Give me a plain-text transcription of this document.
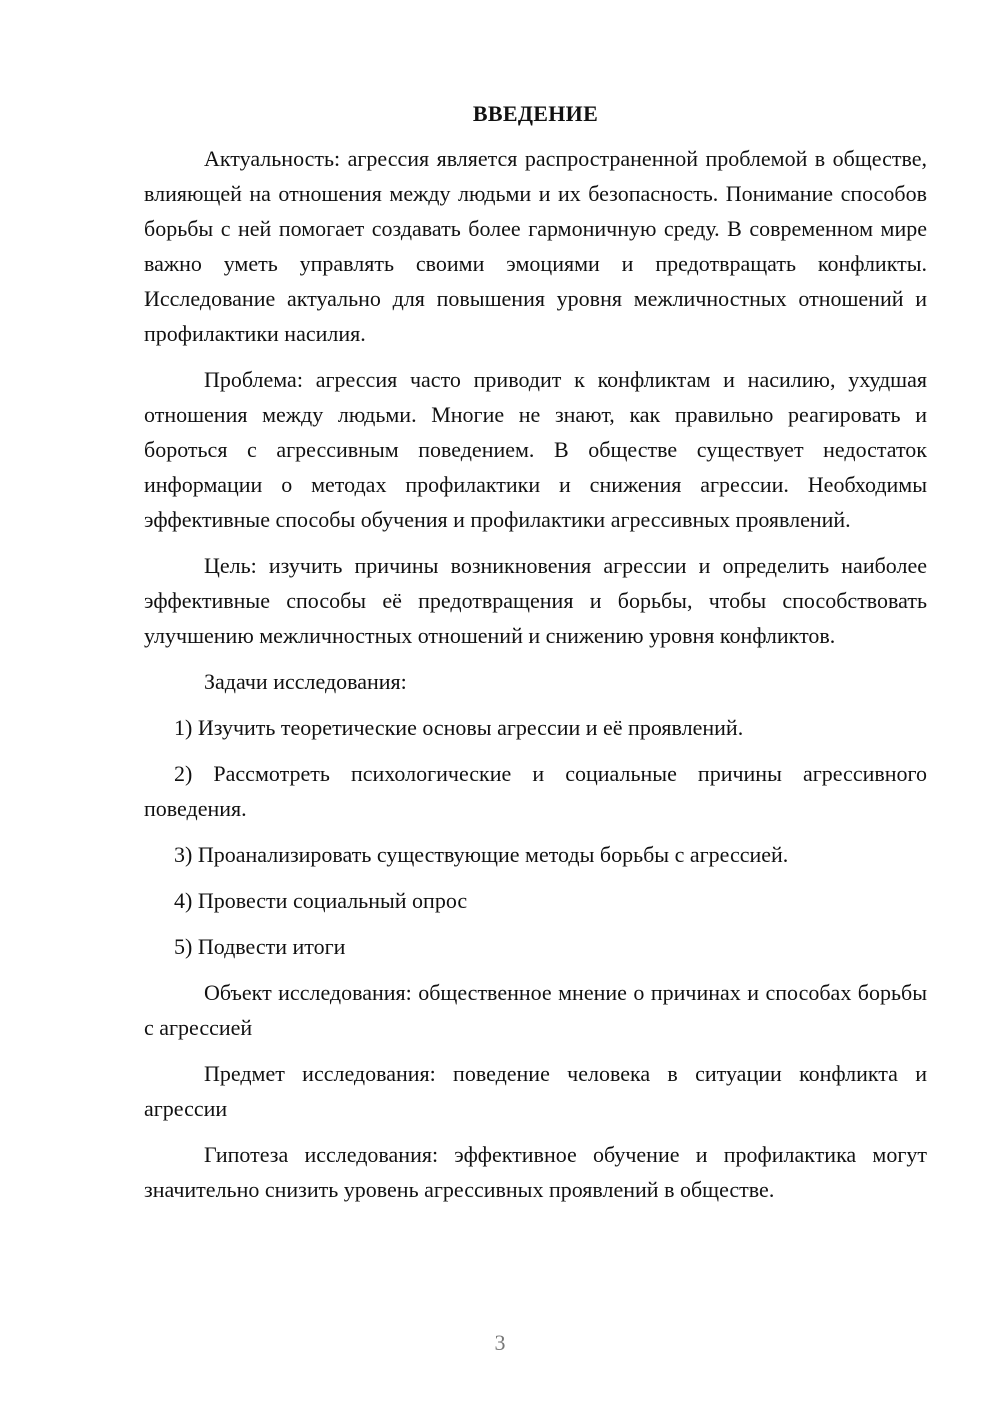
ВВЕДЕНИЕ

Актуальность: агрессия является распространенной проблемой в обществе, влияющей на отношения между людьми и их безопасность. Понимание способов борьбы с ней помогает создавать более гармоничную среду. В современном мире важно уметь управлять своими эмоциями и предотвращать конфликты. Исследование актуально для повышения уровня межличностных отношений и профилактики насилия.

Проблема: агрессия часто приводит к конфликтам и насилию, ухудшая отношения между людьми. Многие не знают, как правильно реагировать и бороться с агрессивным поведением. В обществе существует недостаток информации о методах профилактики и снижения агрессии. Необходимы эффективные способы обучения и профилактики агрессивных проявлений.

Цель: изучить причины возникновения агрессии и определить наиболее эффективные способы её предотвращения и борьбы, чтобы способствовать улучшению межличностных отношений и снижению уровня конфликтов.

Задачи исследования:

1) Изучить теоретические основы агрессии и её проявлений.

2) Рассмотреть психологические и социальные причины агрессивного поведения.

3) Проанализировать существующие методы борьбы с агрессией.

4) Провести социальный опрос

5) Подвести итоги

Объект исследования: общественное мнение о причинах и способах борьбы с агрессией

Предмет исследования: поведение человека в ситуации конфликта и агрессии

Гипотеза исследования: эффективное обучение и профилактика могут значительно снизить уровень агрессивных проявлений в обществе.

3
